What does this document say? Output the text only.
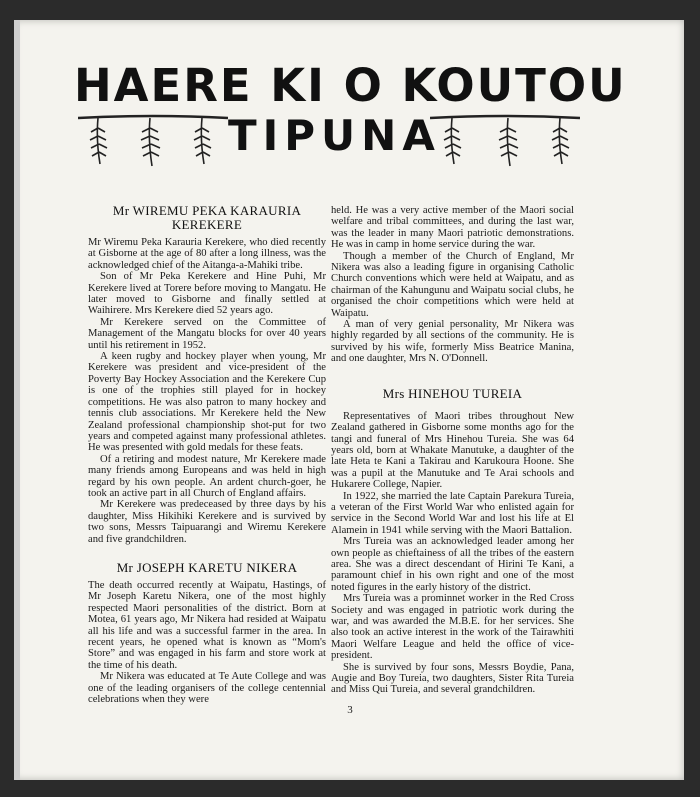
HAERE KI O KOUTOU
TIPUNA
Mr WIREMU PEKA KARAURIA KEREKERE

Mr Wiremu Peka Karauria Kerekere, who died recently at Gisborne at the age of 80 after a long illness, was the acknowledged chief of the Aitanga-a-Mahiki tribe.

Son of Mr Peka Kerekere and Hine Puhi, Mr Kerekere lived at Torere before moving to Mangatu. He later moved to Gisborne and finally settled at Waihirere. Mrs Kerekere died 52 years ago.

Mr Kerekere served on the Committee of Management of the Mangatu blocks for over 40 years until his retirement in 1952.

A keen rugby and hockey player when young, Mr Kerekere was president and vice-president of the Poverty Bay Hockey Association and the Kerekere Cup is one of the trophies still played for in hockey competitions. He was also patron to many hockey and tennis club associations. Mr Kerekere held the New Zealand professional championship shot-put for two years and competed against many professional athletes. He was presented with gold medals for these feats.

Of a retiring and modest nature, Mr Kerekere made many friends among Europeans and was held in high regard by his own people. An ardent church-goer, he took an active part in all Church of England affairs.

Mr Kerekere was predeceased by three days by his daughter, Miss Hikihiki Kerekere and is survived by two sons, Messrs Taipuarangi and Wiremu Kerekere and five grandchildren.

Mr JOSEPH KARETU NIKERA

The death occurred recently at Waipatu, Hastings, of Mr Joseph Karetu Nikera, one of the most highly respected Maori personalities of the district. Born at Motea, 61 years ago, Mr Nikera had resided at Waipatu all his life and was a successful farmer in the area. In recent years, he opened what is known as “Mom's Store” and was engaged in his farm and store work at the time of his death.

Mr Nikera was educated at Te Aute College and was one of the leading organisers of the college centennial celebrations when they were

held. He was a very active member of the Maori social welfare and tribal committees, and during the last war, was the leader in many Maori patriotic demonstrations. He was in camp in home service during the war.

Though a member of the Church of England, Mr Nikera was also a leading figure in organising Catholic Church conventions which were held at Waipatu, and as chairman of the Kahungunu and Waipatu social clubs, he organised the choir competitions which were held at Waipatu.

A man of very genial personality, Mr Nikera was highly regarded by all sections of the community. He is survived by his wife, formerly Miss Beatrice Manina, and one daughter, Mrs N. O'Donnell.

Mrs HINEHOU TUREIA

Representatives of Maori tribes throughout New Zealand gathered in Gisborne some months ago for the tangi and funeral of Mrs Hinehou Tureia. She was 64 years old, born at Whakate Manutuke, a daughter of the late Heta te Kani a Takirau and Karukoura Hoone. She was a pupil at the Manutuke and Te Arai schools and Hukarere College, Napier.

In 1922, she married the late Captain Parekura Tureia, a veteran of the First World War who enlisted again for service in the Second World War and lost his life at El Alamein in 1941 while serving with the Maori Battalion.

Mrs Tureia was an acknowledged leader among her own people as chieftainess of all the tribes of the eastern area. She was a direct descendant of Hirini Te Kani, a paramount chief in his own right and one of the most noted figures in the early history of the district.

Mrs Tureia was a prominnet worker in the Red Cross Society and was engaged in patriotic work during the war, and was awarded the M.B.E. for her services. She also took an active interest in the work of the Tairawhiti Maori Welfare League and held the office of vice-president.

She is survived by four sons, Messrs Boydie, Pana, Augie and Boy Tureia, two daughters, Sister Rita Tureia and Miss Qui Tureia, and several grandchildren.

3
